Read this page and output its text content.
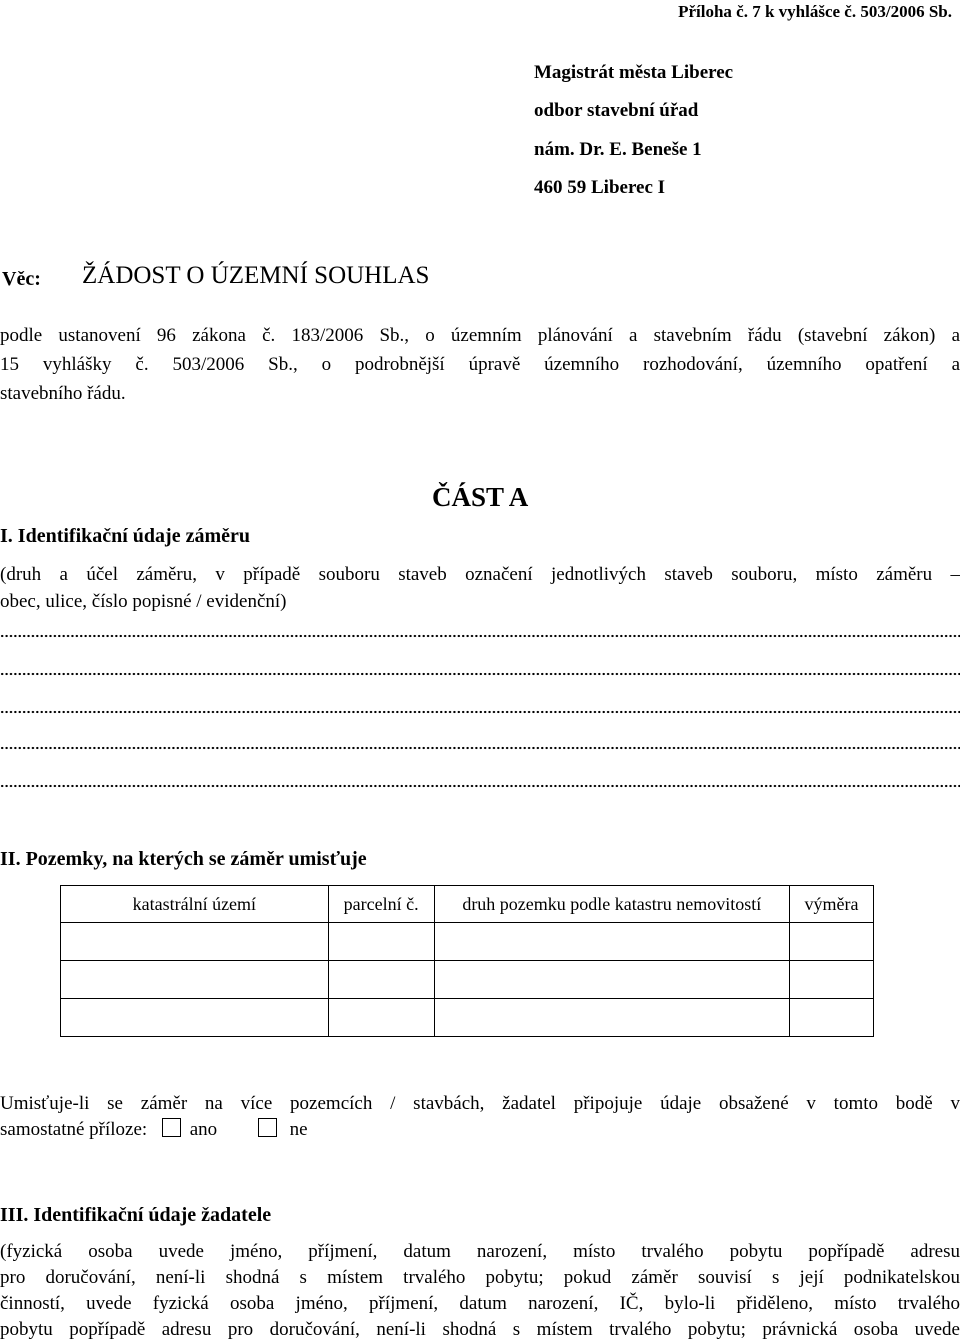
Příloha č. 7 k vyhlášce č. 503/2006 Sb.
Magistrát města Liberec
odbor stavební úřad
nám. Dr. E. Beneše 1
460 59 Liberec I
Věc: ŽÁDOST O ÚZEMNÍ SOUHLAS
podle ustanovení 96 zákona č. 183/2006 Sb., o územním plánování a stavebním řádu (stavební zákon) a
15 vyhlášky č. 503/2006 Sb., o podrobnější úpravě územního rozhodování, územního opatření a
stavebního řádu.
ČÁST A
I. Identifikační údaje záměru
(druh a účel záměru, v případě souboru staveb označení jednotlivých staveb souboru, místo záměru –
obec, ulice, číslo popisné / evidenční)
II. Pozemky, na kterých se záměr umisťuje
katastrální území	parcelní č.	druh pozemku podle katastru nemovitostí	výměra

Umisťuje-li se záměr na více pozemcích / stavbách, žadatel připojuje údaje obsažené v tomto bodě v
samostatné příloze: ano	ne
III. Identifikační údaje žadatele
(fyzická osoba uvede jméno, příjmení, datum narození, místo trvalého pobytu popřípadě adresu
pro doručování, není-li shodná s místem trvalého pobytu; pokud záměr souvisí s její podnikatelskou
činností, uvede fyzická osoba jméno, příjmení, datum narození, IČ, bylo-li přiděleno, místo trvalého
pobytu popřípadě adresu pro doručování, není-li shodná s místem trvalého pobytu; právnická osoba uvede
